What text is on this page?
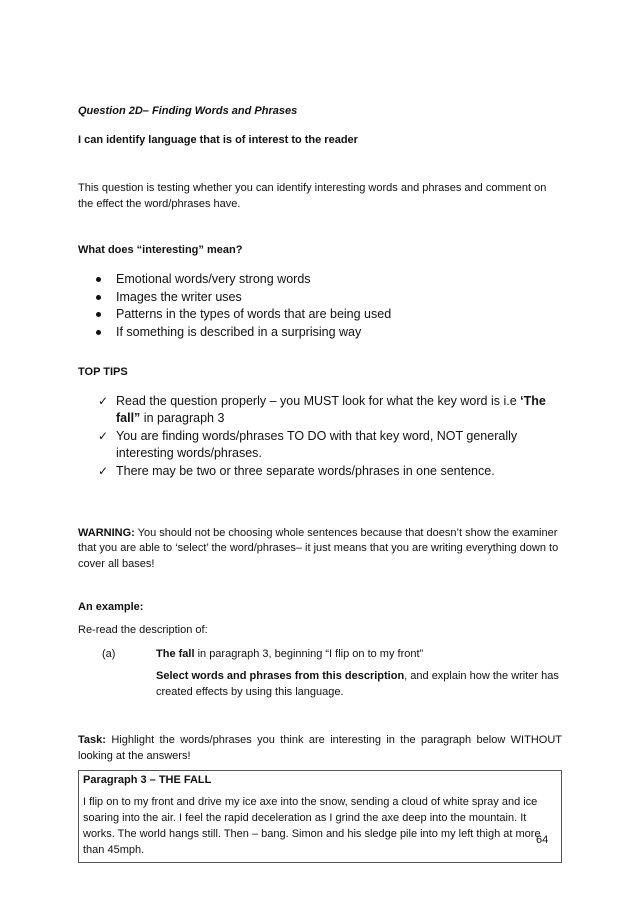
Question 2D– Finding Words and Phrases

I can identify language that is of interest to the reader

This question is testing whether you can identify interesting words and phrases and comment on the effect the word/phrases have.

What does “interesting” mean?

Emotional words/very strong words
Images the writer uses
Patterns in the types of words that are being used
If something is described in a surprising way

TOP TIPS

✓ Read the question properly – you MUST look for what the key word is i.e ‘The fall” in paragraph 3
✓ You are finding words/phrases TO DO with that key word, NOT generally interesting words/phrases.
✓ There may be two or three separate words/phrases in one sentence.

WARNING: You should not be choosing whole sentences because that doesn’t show the examiner that you are able to ‘select’ the word/phrases– it just means that you are writing everything down to cover all bases!

An example:

Re-read the description of:

(a)	The fall in paragraph 3, beginning “I flip on to my front”

Select words and phrases from this description, and explain how the writer has created effects by using this language.

Task: Highlight the words/phrases you think are interesting in the paragraph below WITHOUT looking at the answers!

Paragraph 3 – THE FALL

I flip on to my front and drive my ice axe into the snow, sending a cloud of white spray and ice soaring into the air. I feel the rapid deceleration as I grind the axe deep into the mountain. It works. The world hangs still. Then – bang. Simon and his sledge pile into my left thigh at more than 45mph.

64
